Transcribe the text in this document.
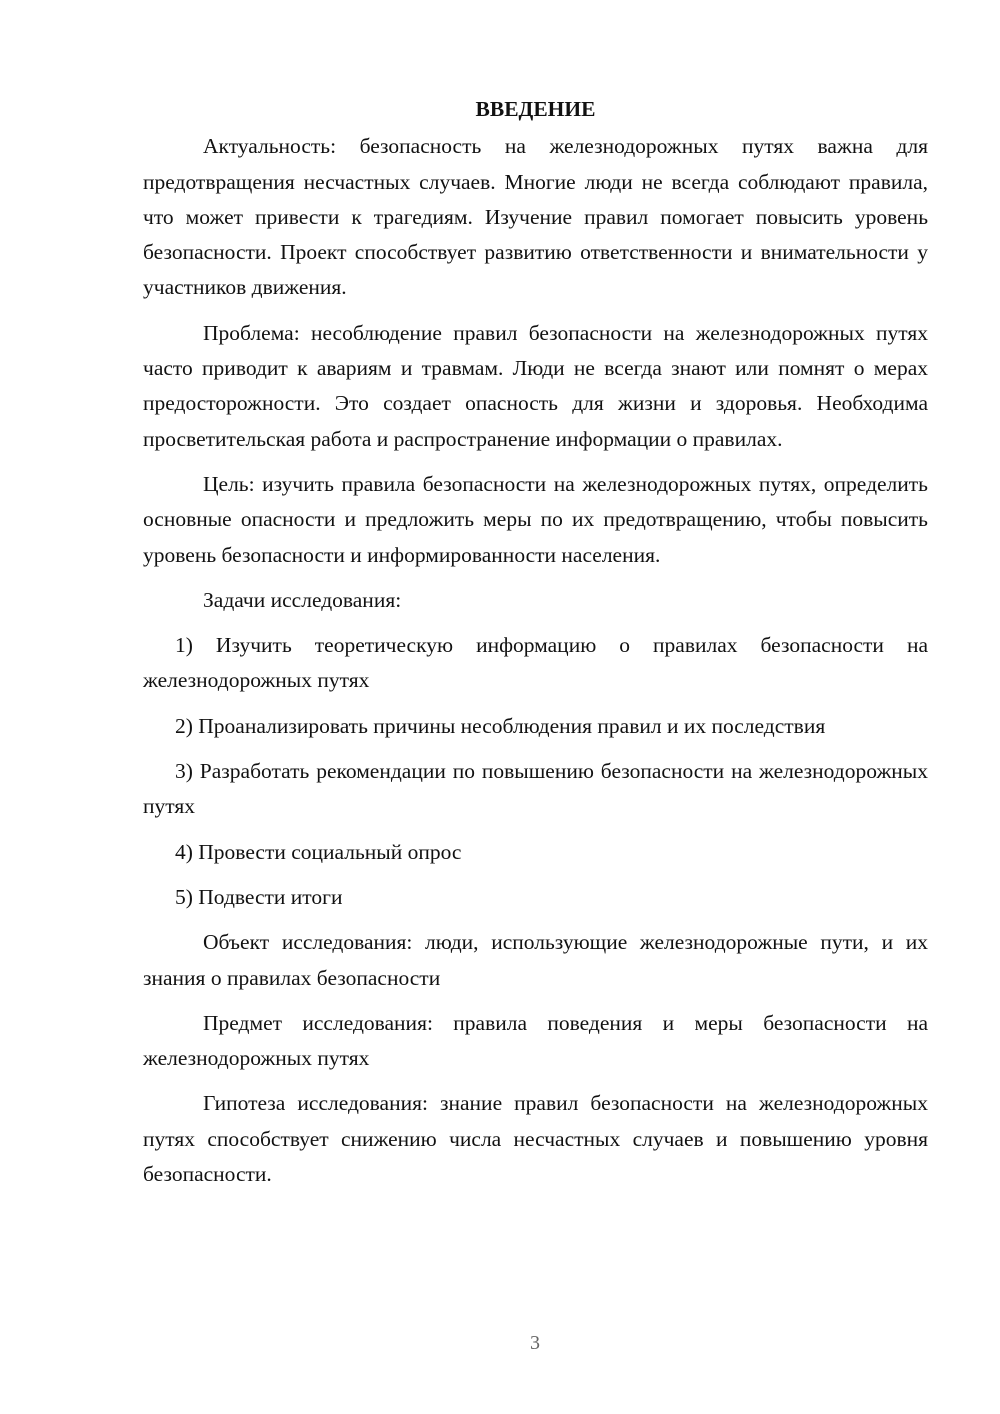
ВВЕДЕНИЕ

Актуальность: безопасность на железнодорожных путях важна для предотвращения несчастных случаев. Многие люди не всегда соблюдают правила, что может привести к трагедиям. Изучение правил помогает повысить уровень безопасности. Проект способствует развитию ответственности и внимательности у участников движения.

Проблема: несоблюдение правил безопасности на железнодорожных путях часто приводит к авариям и травмам. Люди не всегда знают или помнят о мерах предосторожности. Это создает опасность для жизни и здоровья. Необходима просветительская работа и распространение информации о правилах.

Цель: изучить правила безопасности на железнодорожных путях, определить основные опасности и предложить меры по их предотвращению, чтобы повысить уровень безопасности и информированности населения.

Задачи исследования:

1) Изучить теоретическую информацию о правилах безопасности на железнодорожных путях

2) Проанализировать причины несоблюдения правил и их последствия

3) Разработать рекомендации по повышению безопасности на железнодорожных путях

4) Провести социальный опрос

5) Подвести итоги

Объект исследования: люди, использующие железнодорожные пути, и их знания о правилах безопасности

Предмет исследования: правила поведения и меры безопасности на железнодорожных путях

Гипотеза исследования: знание правил безопасности на железнодорожных путях способствует снижению числа несчастных случаев и повышению уровня безопасности.

3
